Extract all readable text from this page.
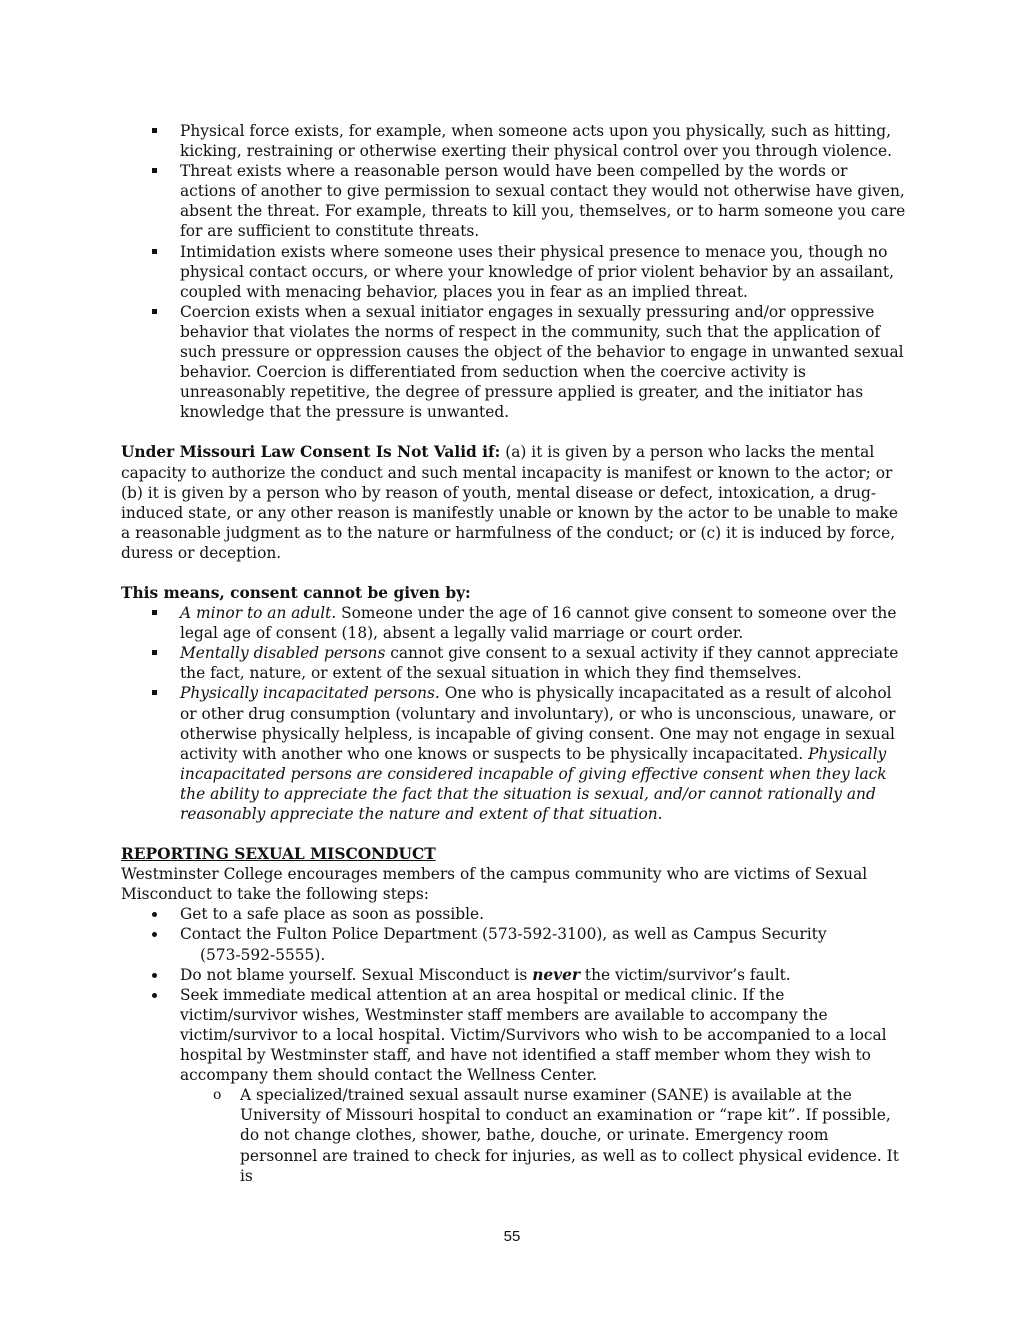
Physical force exists, for example, when someone acts upon you physically, such as hitting, kicking, restraining or otherwise exerting their physical control over you through violence.
Threat exists where a reasonable person would have been compelled by the words or actions of another to give permission to sexual contact they would not otherwise have given, absent the threat. For example, threats to kill you, themselves, or to harm someone you care for are sufficient to constitute threats.
Intimidation exists where someone uses their physical presence to menace you, though no physical contact occurs, or where your knowledge of prior violent behavior by an assailant, coupled with menacing behavior, places you in fear as an implied threat.
Coercion exists when a sexual initiator engages in sexually pressuring and/or oppressive behavior that violates the norms of respect in the community, such that the application of such pressure or oppression causes the object of the behavior to engage in unwanted sexual behavior. Coercion is differentiated from seduction when the coercive activity is unreasonably repetitive, the degree of pressure applied is greater, and the initiator has knowledge that the pressure is unwanted.

Under Missouri Law Consent Is Not Valid if: (a) it is given by a person who lacks the mental capacity to authorize the conduct and such mental incapacity is manifest or known to the actor; or (b) it is given by a person who by reason of youth, mental disease or defect, intoxication, a drug-induced state, or any other reason is manifestly unable or known by the actor to be unable to make a reasonable judgment as to the nature or harmfulness of the conduct; or (c) it is induced by force, duress or deception.

This means, consent cannot be given by:

A minor to an adult. Someone under the age of 16 cannot give consent to someone over the legal age of consent (18), absent a legally valid marriage or court order.
Mentally disabled persons cannot give consent to a sexual activity if they cannot appreciate the fact, nature, or extent of the sexual situation in which they find themselves.
Physically incapacitated persons. One who is physically incapacitated as a result of alcohol or other drug consumption (voluntary and involuntary), or who is unconscious, unaware, or otherwise physically helpless, is incapable of giving consent. One may not engage in sexual activity with another who one knows or suspects to be physically incapacitated. Physically incapacitated persons are considered incapable of giving effective consent when they lack the ability to appreciate the fact that the situation is sexual, and/or cannot rationally and reasonably appreciate the nature and extent of that situation.

REPORTING SEXUAL MISCONDUCT

Westminster College encourages members of the campus community who are victims of Sexual Misconduct to take the following steps:

Get to a safe place as soon as possible.
Contact the Fulton Police Department (573-592-3100), as well as Campus Security
(573-592-5555).
Do not blame yourself. Sexual Misconduct is never the victim/survivor’s fault.
Seek immediate medical attention at an area hospital or medical clinic. If the victim/survivor wishes, Westminster staff members are available to accompany the victim/survivor to a local hospital. Victim/Survivors who wish to be accompanied to a local hospital by Westminster staff, and have not identified a staff member whom they wish to accompany them should contact the Wellness Center.
o A specialized/trained sexual assault nurse examiner (SANE) is available at the University of Missouri hospital to conduct an examination or “rape kit”. If possible, do not change clothes, shower, bathe, douche, or urinate. Emergency room personnel are trained to check for injuries, as well as to collect physical evidence. It is
55
